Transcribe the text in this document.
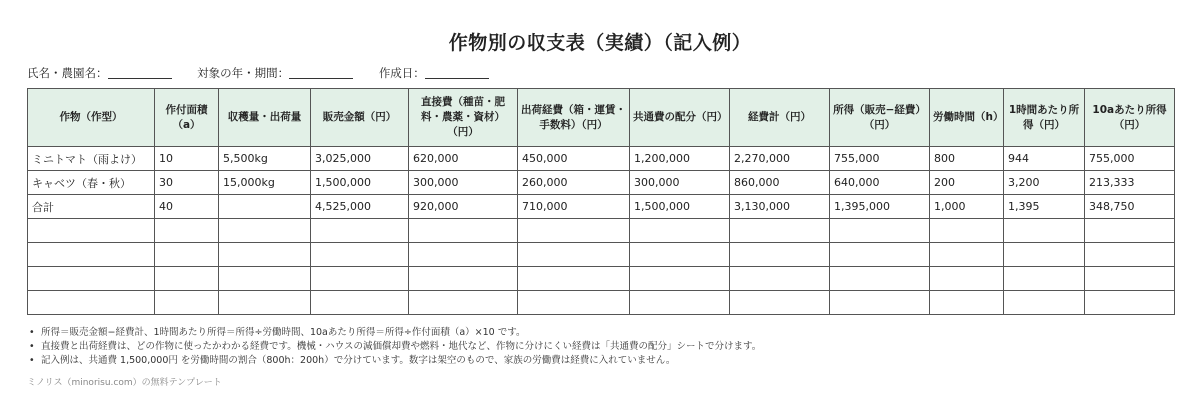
作物別の収支表（実績）（記入例）
氏名・農園名：	対象の年・期間：	作成日：
作物（作型）	作付面積（a）	収穫量・出荷量	販売金額（円）	直接費（種苗・肥料・農薬・資材）（円）	出荷経費（箱・運賃・手数料）（円）	共通費の配分（円）	経費計（円）	所得（販売−経費）（円）	労働時間（h）	1時間あたり所得（円）	10aあたり所得（円）
ミニトマト（雨よけ）	10	5,500kg	3,025,000	620,000	450,000	1,200,000	2,270,000	755,000	800	944	755,000
キャベツ（春・秋）	30	15,000kg	1,500,000	300,000	260,000	300,000	860,000	640,000	200	3,200	213,333
合計	40		4,525,000	920,000	710,000	1,500,000	3,130,000	1,395,000	1,000	1,395	348,750

• 所得＝販売金額−経費計、1時間あたり所得＝所得÷労働時間、10aあたり所得＝所得÷作付面積（a）×10 です。
• 直接費と出荷経費は、どの作物に使ったかわかる経費です。機械・ハウスの減価償却費や燃料・地代など、作物に分けにくい経費は「共通費の配分」シートで分けます。
• 記入例は、共通費 1,500,000円 を労働時間の割合（800h：200h）で分けています。数字は架空のもので、家族の労働費は経費に入れていません。
ミノリス（minorisu.com）の無料テンプレート
